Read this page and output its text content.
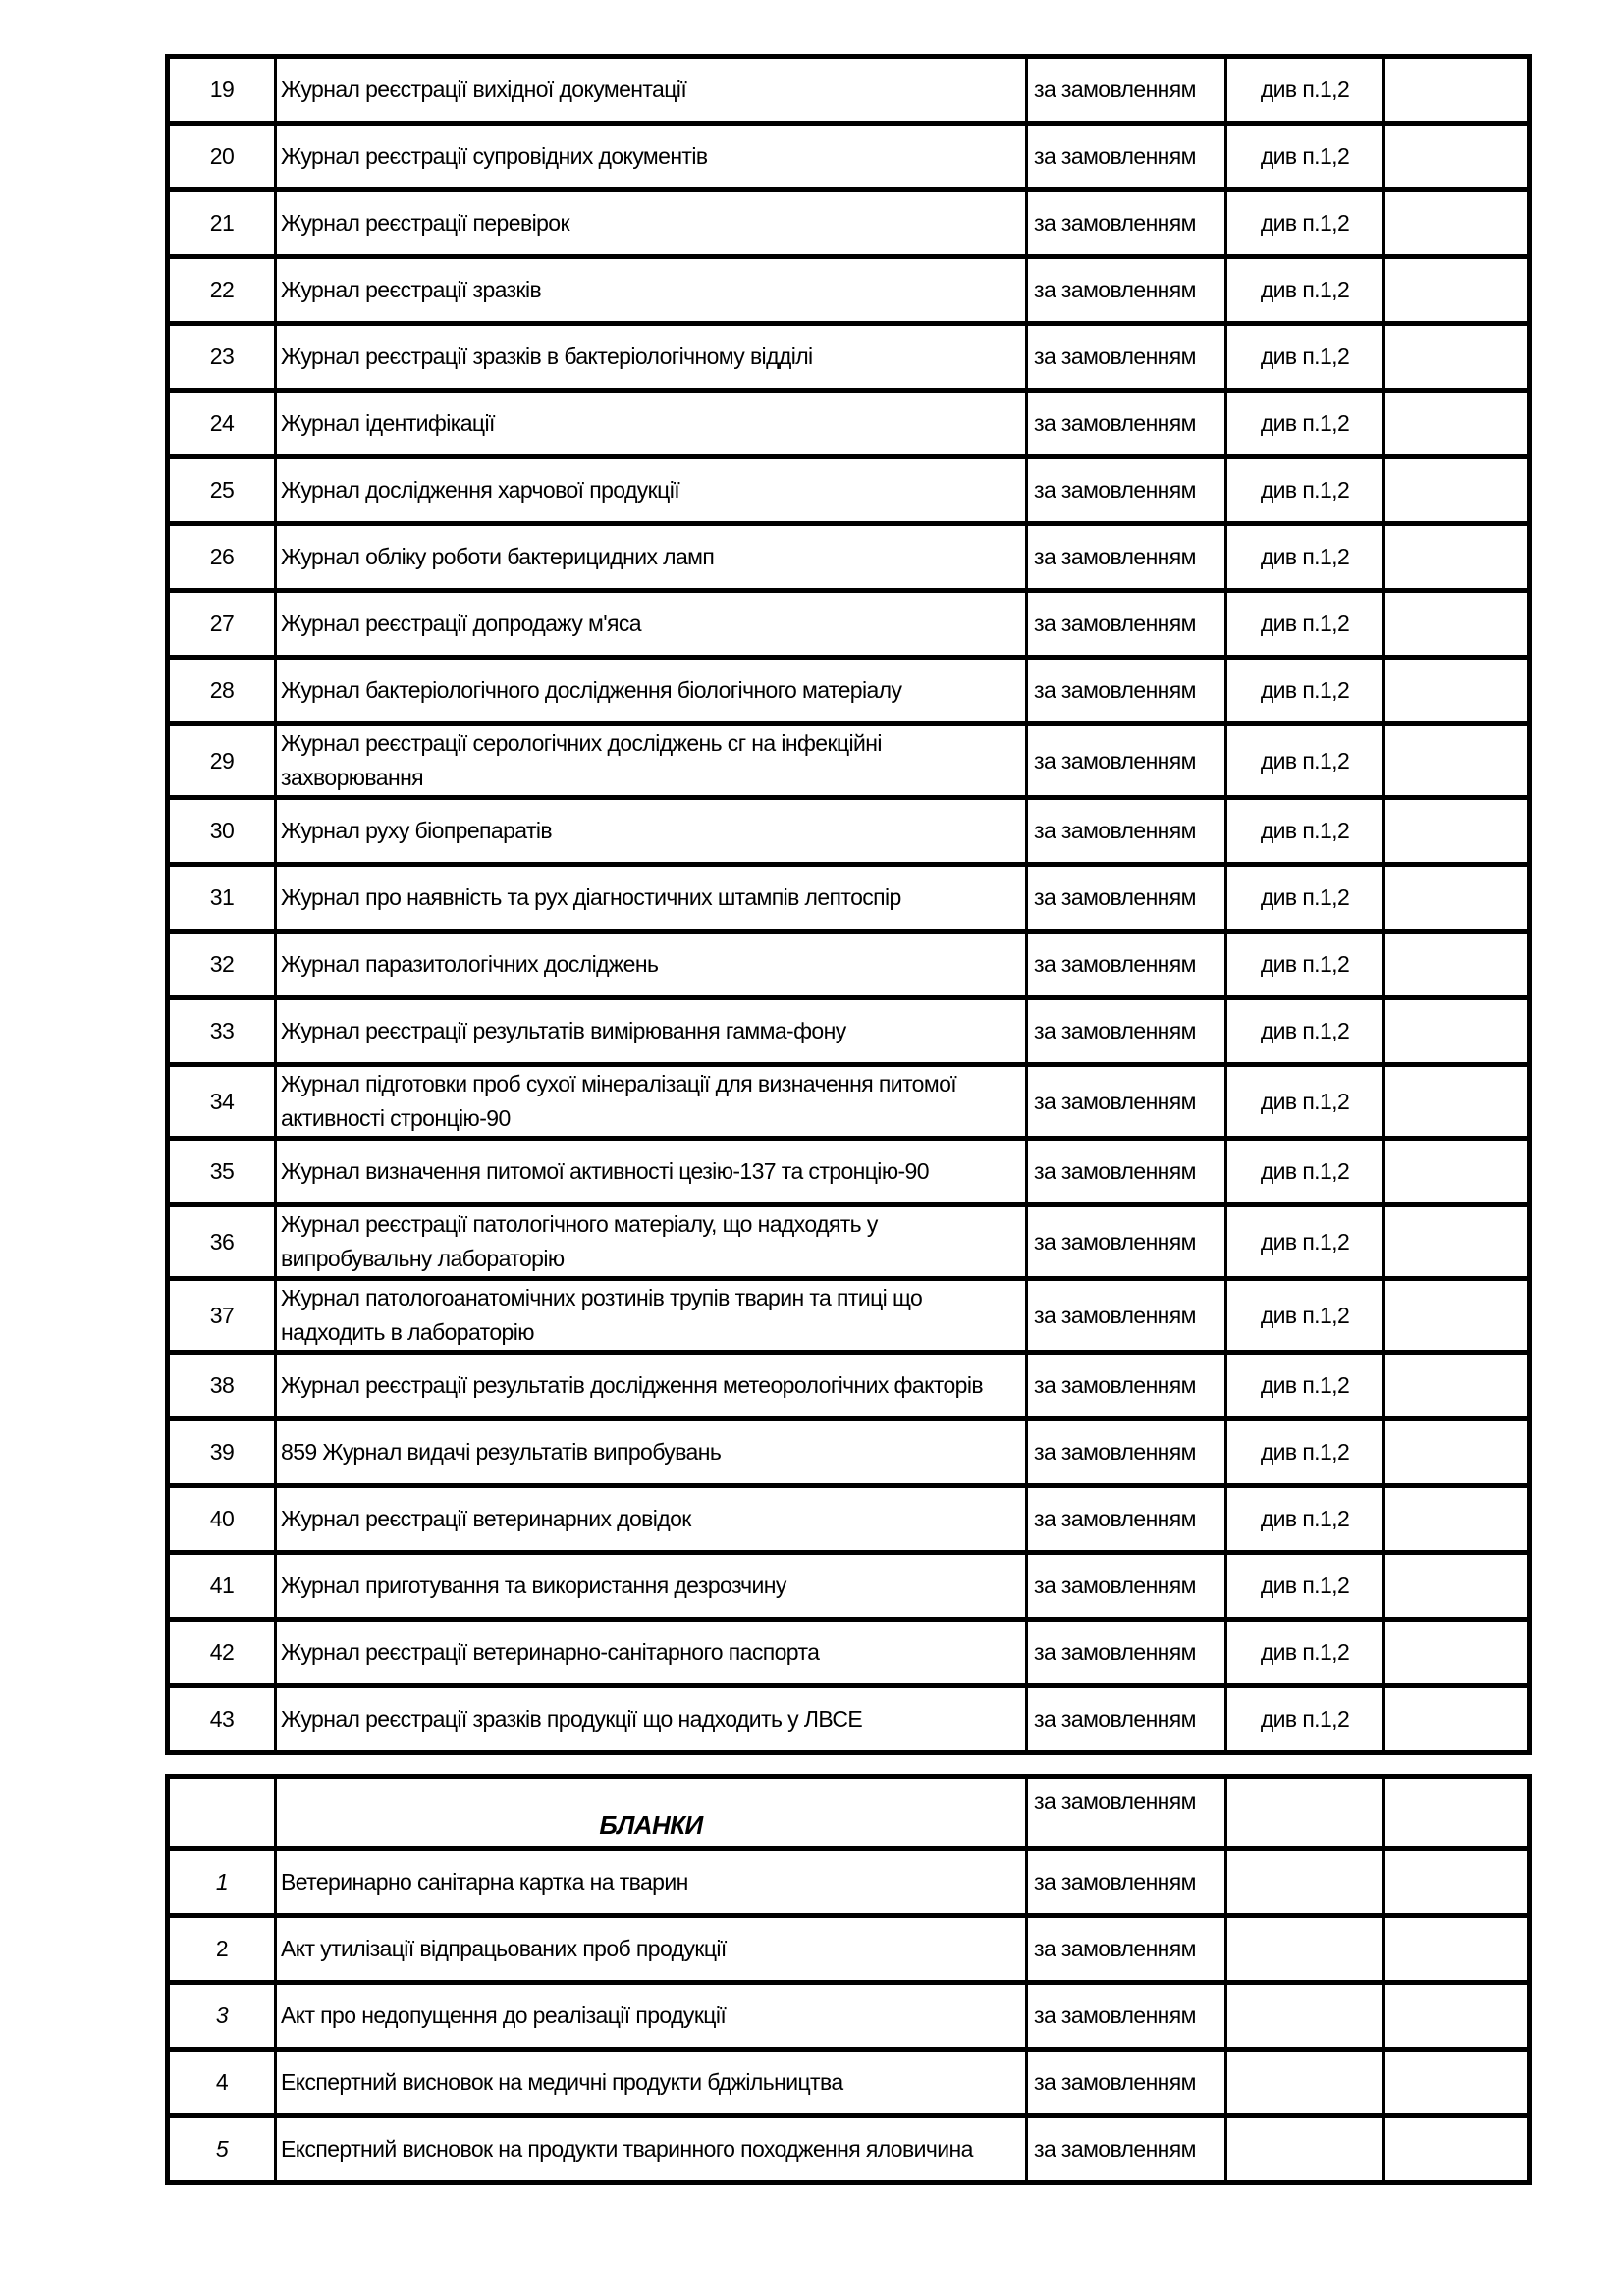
19	Журнал реєстрації вихідної документації	за замовленням	див п.1,2	
20	Журнал реєстрації супровідних документів	за замовленням	див п.1,2	
21	Журнал реєстрації перевірок	за замовленням	див п.1,2	
22	Журнал реєстрації зразків	за замовленням	див п.1,2	
23	Журнал реєстрації зразків в бактеріологічному відділі	за замовленням	див п.1,2	
24	Журнал ідентифікації	за замовленням	див п.1,2	
25	Журнал дослідження харчової продукції	за замовленням	див п.1,2	
26	Журнал обліку роботи бактерицидних ламп	за замовленням	див п.1,2	
27	Журнал реєстрації допродажу м'яса	за замовленням	див п.1,2	
28	Журнал бактеріологічного дослідження біологічного матеріалу	за замовленням	див п.1,2	
29	Журнал реєстрації серологічних досліджень сг на інфекційні захворювання	за замовленням	див п.1,2	
30	Журнал руху біопрепаратів	за замовленням	див п.1,2	
31	Журнал про наявність та рух діагностичних штампів лептоспір	за замовленням	див п.1,2	
32	Журнал паразитологічних досліджень	за замовленням	див п.1,2	
33	Журнал реєстрації результатів вимірювання гамма-фону	за замовленням	див п.1,2	
34	Журнал підготовки проб сухої мінералізації для визначення питомої активності стронцію-90	за замовленням	див п.1,2	
35	Журнал визначення питомої активності цезію-137 та стронцію-90	за замовленням	див п.1,2	
36	Журнал реєстрації патологічного матеріалу, що надходять у випробувальну лабораторію	за замовленням	див п.1,2	
37	Журнал патологоанатомічних розтинів трупів тварин та птиці що надходить в лабораторію	за замовленням	див п.1,2	
38	Журнал реєстрації результатів дослідження метеорологічних факторів	за замовленням	див п.1,2	
39	859 Журнал видачі результатів випробувань	за замовленням	див п.1,2	
40	Журнал реєстрації ветеринарних довідок	за замовленням	див п.1,2	
41	Журнал приготування та використання дезрозчину	за замовленням	див п.1,2	
42	Журнал реєстрації ветеринарно-санітарного паспорта	за замовленням	див п.1,2	
43	Журнал реєстрації зразків продукції що надходить у ЛВСЕ	за замовленням	див п.1,2	
	БЛАНКИ	за замовленням		
1	Ветеринарно санітарна картка на тварин	за замовленням		
2	Акт утилізації відпрацьованих проб продукції	за замовленням		
3	Акт про недопущення до реалізації продукції	за замовленням		
4	Експертний висновок на медичні продукти бджільництва	за замовленням		
5	Експертний висновок на продукти тваринного походження яловичина	за замовленням		
